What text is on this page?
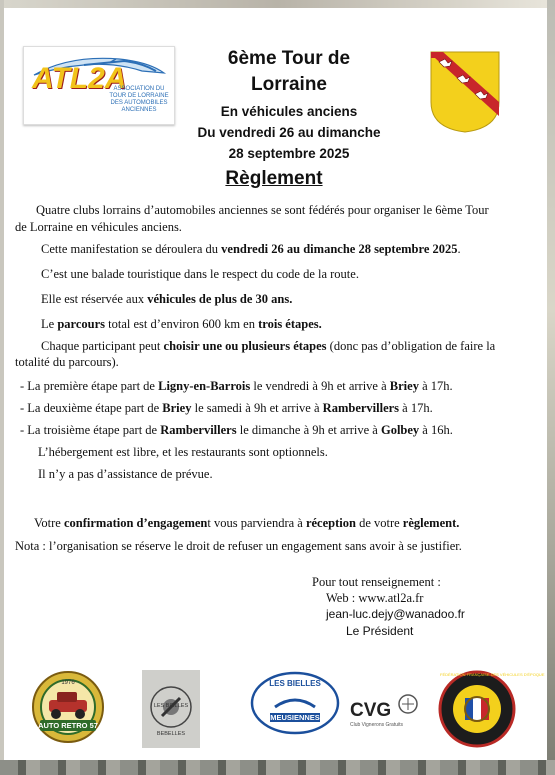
ATL2A
ASSOCIATION DU TOUR DE LORRAINE DES AUTOMOBILES ANCIENNES
6ème Tour de
Lorraine
En véhicules anciens
Du vendredi 26 au dimanche
28 septembre 2025
Règlement
Quatre clubs lorrains d’automobiles anciennes se sont fédérés pour organiser le 6ème Tour
de Lorraine en véhicules anciens.
Cette manifestation se déroulera du vendredi 26 au dimanche 28 septembre 2025.
C’est une balade touristique dans le respect du code de la route.
Elle est réservée aux véhicules de plus de 30 ans.
Le parcours total est d’environ 600 km en trois étapes.
Chaque participant peut choisir une ou plusieurs étapes (donc pas d’obligation de faire la
totalité du parcours).
- La première étape part de Ligny-en-Barrois le vendredi à 9h et arrive à Briey à 17h.
- La deuxième étape part de Briey le samedi à 9h et arrive à Rambervillers à 17h.
- La troisième étape part de Rambervillers le dimanche à 9h et arrive à Golbey à 16h.
L’hébergement est libre, et les restaurants sont optionnels.
Il n’y a pas d’assistance de prévue.
Votre confirmation d’engagement vous parviendra à réception de votre règlement.
Nota : l’organisation se réserve le droit de refuser un engagement sans avoir à se justifier.
Pour tout renseignement :
Web : www.atl2a.fr
jean-luc.dejy@wanadoo.fr
Le Président
1976
AUTO RETRO 57
LES BIELLES BEBELLES
LES BIELLES
MEUSIENNES	CVG
Club Vignerons Gratuits
FÉDÉRATION FRANÇAISE DES VÉHICULES D'ÉPOQUE
